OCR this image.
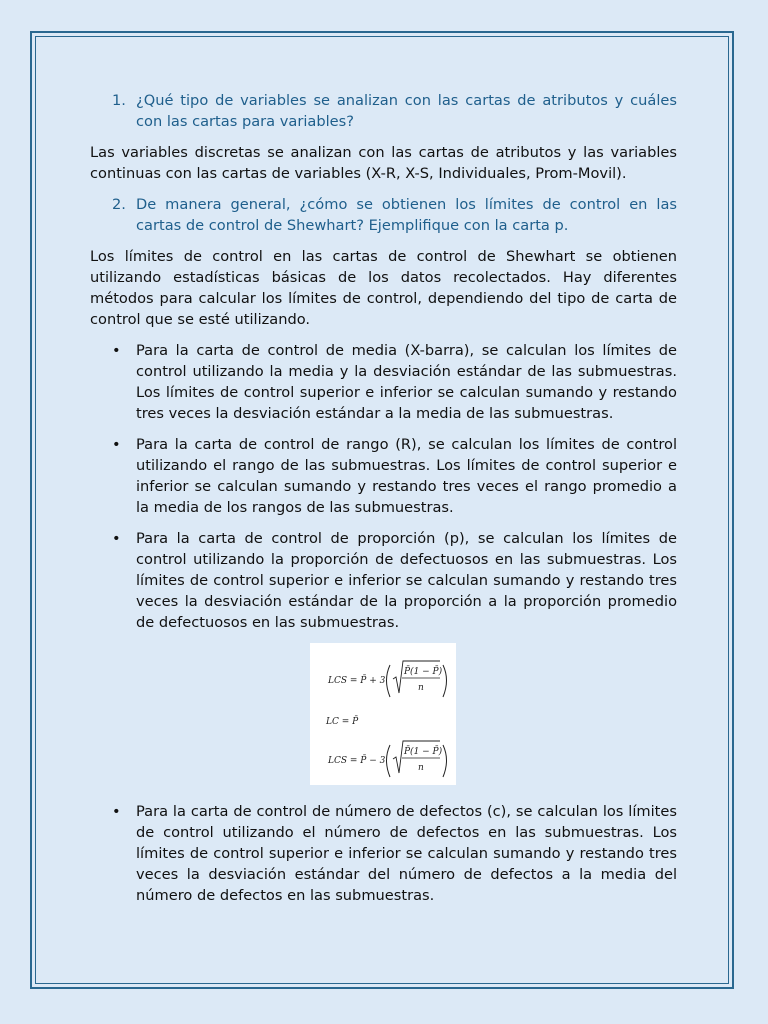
1. ¿Qué tipo de variables se analizan con las cartas de atributos y cuáles con las cartas para variables?

Las variables discretas se analizan con las cartas de atributos y las variables continuas con las cartas de variables (X-R, X-S, Individuales, Prom-Movil).

2. De manera general, ¿cómo se obtienen los límites de control en las cartas de control de Shewhart? Ejemplifique con la carta p.

Los límites de control en las cartas de control de Shewhart se obtienen utilizando estadísticas básicas de los datos recolectados. Hay diferentes métodos para calcular los límites de control, dependiendo del tipo de carta de control que se esté utilizando.

• Para la carta de control de media (X-barra), se calculan los límites de control utilizando la media y la desviación estándar de las submuestras. Los límites de control superior e inferior se calculan sumando y restando tres veces la desviación estándar a la media de las submuestras.
• Para la carta de control de rango (R), se calculan los límites de control utilizando el rango de las submuestras. Los límites de control superior e inferior se calculan sumando y restando tres veces el rango promedio a la media de los rangos de las submuestras.
• Para la carta de control de proporción (p), se calculan los límites de control utilizando la proporción de defectuosos en las submuestras. Los límites de control superior e inferior se calculan sumando y restando tres veces la desviación estándar de la proporción a la proporción promedio de defectuosos en las submuestras.
LCS = P̄ + 3
P̄(1 − P̄)
n
LC = P̄
LCS = P̄ − 3
P̄(1 − P̄)
n
• Para la carta de control de número de defectos (c), se calculan los límites de control utilizando el número de defectos en las submuestras. Los límites de control superior e inferior se calculan sumando y restando tres veces la desviación estándar del número de defectos a la media del número de defectos en las submuestras.
